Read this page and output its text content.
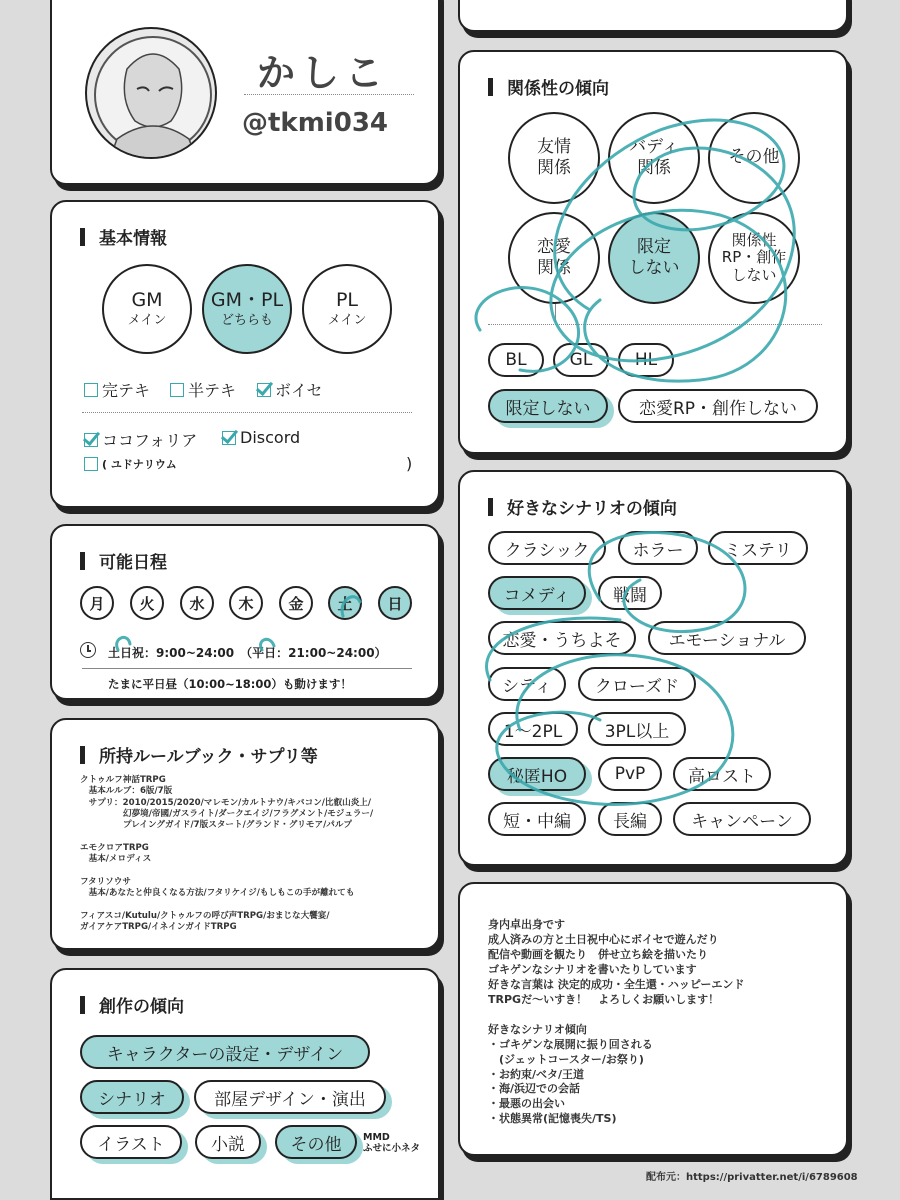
かしこ
@tkmi034
基本情報
GM
メイン
GM・PL
どちらも
PL
メイン
完テキ 半テキ ボイセ
ココフォリア	Discord
( ユドナリウム	)
可能日程
土日祝：9:00~24:00　（平日：21:00~24:00）
たまに平日昼（10:00~18:00）も動けます！
月	火	水	木	金	土	日
所持ルールブック・サプリ等
クトゥルフ神話TRPG
　基本ルルブ：6版/7版
　サプリ：2010/2015/2020/マレモン/カルトナウ/キバコン/比叡山炎上/
　　　　　幻夢境/帝國/ガスライト/ダークエイジ/フラグメント/モジュラー/
　　　　　プレイングガイド/7版スタート/グランド・グリモア/パルプ

エモクロアTRPG
　基本/メロディス

フタリソウサ
　基本/あなたと仲良くなる方法/フタリケイジ/もしもこの手が離れても

フィアスコ/Kutulu/クトゥルフの呼び声TRPG/おまじな大饗宴/
ガイアケアTRPG/イネインガイドTRPG
創作の傾向
MMD
ふせに小ネタ
キャラクターの設定・デザイン
シナリオ	部屋デザイン・演出
イラスト	小説	その他
関係性の傾向
友情
関係
バディ
関係
その他
恋愛
関係
限定
しない
関係性
RP・創作
しない
BL	GL	HL
限定しない	恋愛RP・創作しない
好きなシナリオの傾向
クラシック	ホラー	ミステリ
コメディ	戦闘
恋愛・うちよそ	エモーショナル
シティ	クローズド
1〜2PL	3PL以上
秘匿HO	PvP	高ロスト
短・中編	長編	キャンペーン
身内卓出身です
成人済みの方と土日祝中心にボイセで遊んだり
配信や動画を観たり　併せ立ち絵を描いたり
ゴキゲンなシナリオを書いたりしています
好きな言葉は 決定的成功・全生還・ハッピーエンド
TRPGだ〜いすき！　よろしくお願いします！

好きなシナリオ傾向
・ゴキゲンな展開に振り回される
　(ジェットコースター/お祭り)
・お約束/ベタ/王道
・海/浜辺での会話
・最悪の出会い
・状態異常(記憶喪失/TS)
配布元：https://privatter.net/i/6789608
